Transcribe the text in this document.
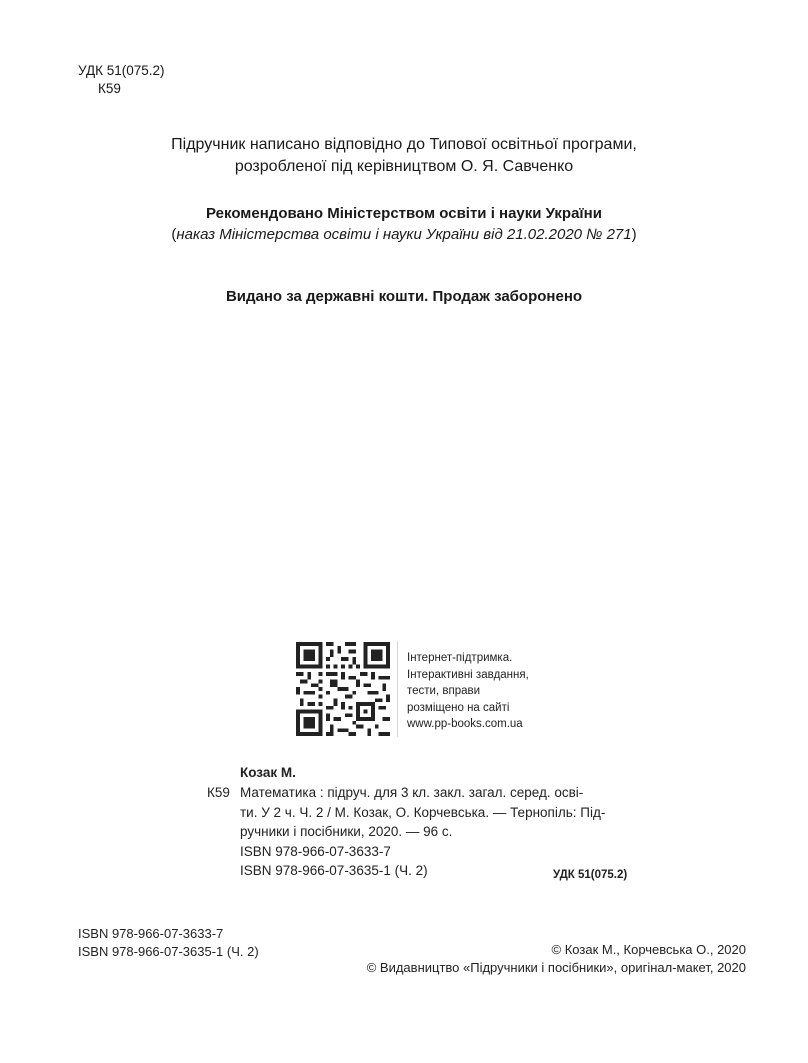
УДК 51(075.2)
К59
Підручник написано відповідно до Типової освітньої програми,
розробленої під керівництвом О. Я. Савченко
Рекомендовано Міністерством освіти і науки України
(наказ Міністерства освіти і науки України від 21.02.2020 № 271)
Видано за державні кошти. Продаж заборонено
Інтернет-підтримка.
Інтерактивні завдання,
тести, вправи
розміщено на сайті
www.pp-books.com.ua
Козак М.
К59 Математика : підруч. для 3 кл. закл. загал. серед. осві-
ти. У 2 ч. Ч. 2 / М. Козак, О. Корчевська. — Тернопіль: Під-
ручники і посібники, 2020. — 96 с.
ISBN 978-966-07-3633-7
ISBN 978-966-07-3635-1 (Ч. 2)	УДК 51(075.2)
ISBN 978-966-07-3633-7
ISBN 978-966-07-3635-1 (Ч. 2)	© Козак М., Корчевська О., 2020
© Видавництво «Підручники і посібники», оригінал-макет, 2020
